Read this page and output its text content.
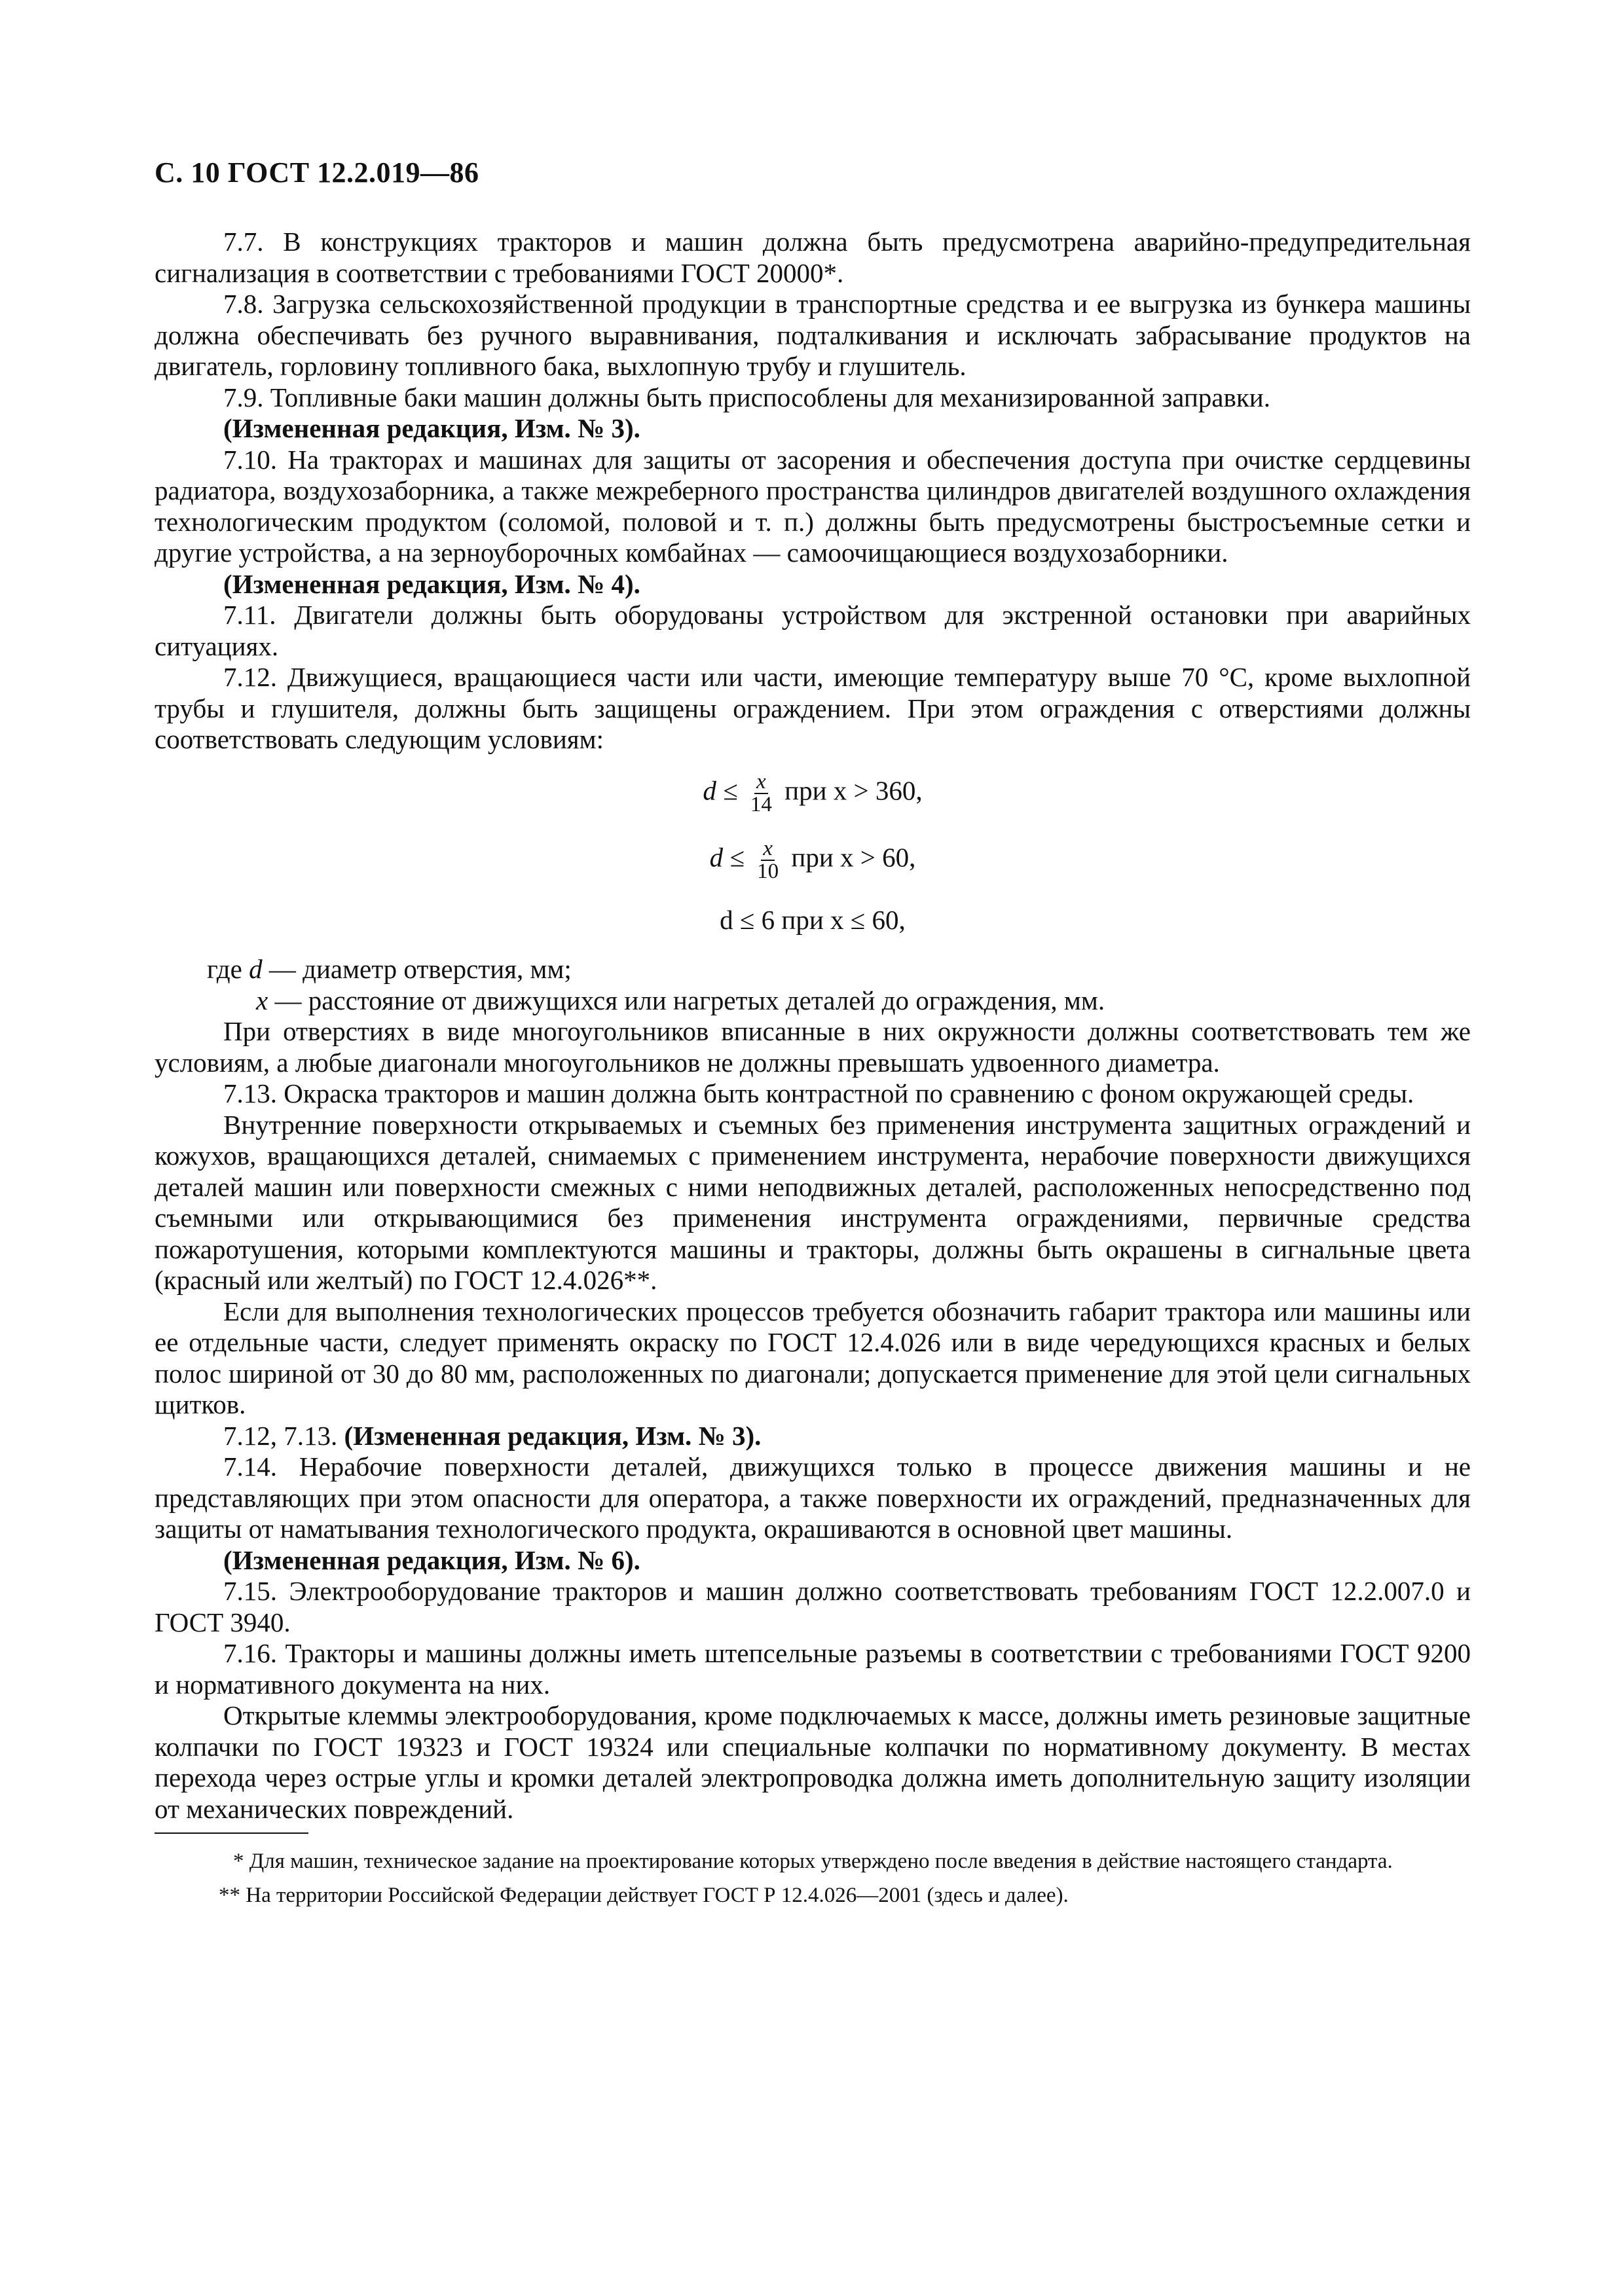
С. 10 ГОСТ 12.2.019—86

7.7. В конструкциях тракторов и машин должна быть предусмотрена аварийно-предупредительная сигнализация в соответствии с требованиями ГОСТ 20000*.

7.8. Загрузка сельскохозяйственной продукции в транспортные средства и ее выгрузка из бункера машины должна обеспечивать без ручного выравнивания, подталкивания и исключать забрасывание продуктов на двигатель, горловину топливного бака, выхлопную трубу и глушитель.

7.9. Топливные баки машин должны быть приспособлены для механизированной заправки.

(Измененная редакция, Изм. № 3).

7.10. На тракторах и машинах для защиты от засорения и обеспечения доступа при очистке сердцевины радиатора, воздухозаборника, а также межреберного пространства цилиндров двигателей воздушного охлаждения технологическим продуктом (соломой, половой и т. п.) должны быть предусмотрены быстросъемные сетки и другие устройства, а на зерноуборочных комбайнах — самоочищающиеся воздухозаборники.

(Измененная редакция, Изм. № 4).

7.11. Двигатели должны быть оборудованы устройством для экстренной остановки при аварийных ситуациях.

7.12. Движущиеся, вращающиеся части или части, имеющие температуру выше 70 °С, кроме выхлопной трубы и глушителя, должны быть защищены ограждением. При этом ограждения с отверстиями должны соответствовать следующим условиям:

$d \le \frac{x}{14}$ при x > 360,

$d \le \frac{x}{10}$ при x > 60,

d ≤ 6 при x ≤ 60,

где d — диаметр отверстия, мм;

x — расстояние от движущихся или нагретых деталей до ограждения, мм.

При отверстиях в виде многоугольников вписанные в них окружности должны соответствовать тем же условиям, а любые диагонали многоугольников не должны превышать удвоенного диаметра.

7.13. Окраска тракторов и машин должна быть контрастной по сравнению с фоном окружающей среды.

Внутренние поверхности открываемых и съемных без применения инструмента защитных ограждений и кожухов, вращающихся деталей, снимаемых с применением инструмента, нерабочие поверхности движущихся деталей машин или поверхности смежных с ними неподвижных деталей, расположенных непосредственно под съемными или открывающимися без применения инструмента ограждениями, первичные средства пожаротушения, которыми комплектуются машины и тракторы, должны быть окрашены в сигнальные цвета (красный или желтый) по ГОСТ 12.4.026**.

Если для выполнения технологических процессов требуется обозначить габарит трактора или машины или ее отдельные части, следует применять окраску по ГОСТ 12.4.026 или в виде чередующихся красных и белых полос шириной от 30 до 80 мм, расположенных по диагонали; допускается применение для этой цели сигнальных щитков.

7.12, 7.13. (Измененная редакция, Изм. № 3).

7.14. Нерабочие поверхности деталей, движущихся только в процессе движения машины и не представляющих при этом опасности для оператора, а также поверхности их ограждений, предназначенных для защиты от наматывания технологического продукта, окрашиваются в основной цвет машины.

(Измененная редакция, Изм. № 6).

7.15. Электрооборудование тракторов и машин должно соответствовать требованиям ГОСТ 12.2.007.0 и ГОСТ 3940.

7.16. Тракторы и машины должны иметь штепсельные разъемы в соответствии с требованиями ГОСТ 9200 и нормативного документа на них.

Открытые клеммы электрооборудования, кроме подключаемых к массе, должны иметь резиновые защитные колпачки по ГОСТ 19323 и ГОСТ 19324 или специальные колпачки по нормативному документу. В местах перехода через острые углы и кромки деталей электропроводка должна иметь дополнительную защиту изоляции от механических повреждений.

* Для машин, техническое задание на проектирование которых утверждено после введения в действие настоящего стандарта.

** На территории Российской Федерации действует ГОСТ Р 12.4.026—2001 (здесь и далее).
